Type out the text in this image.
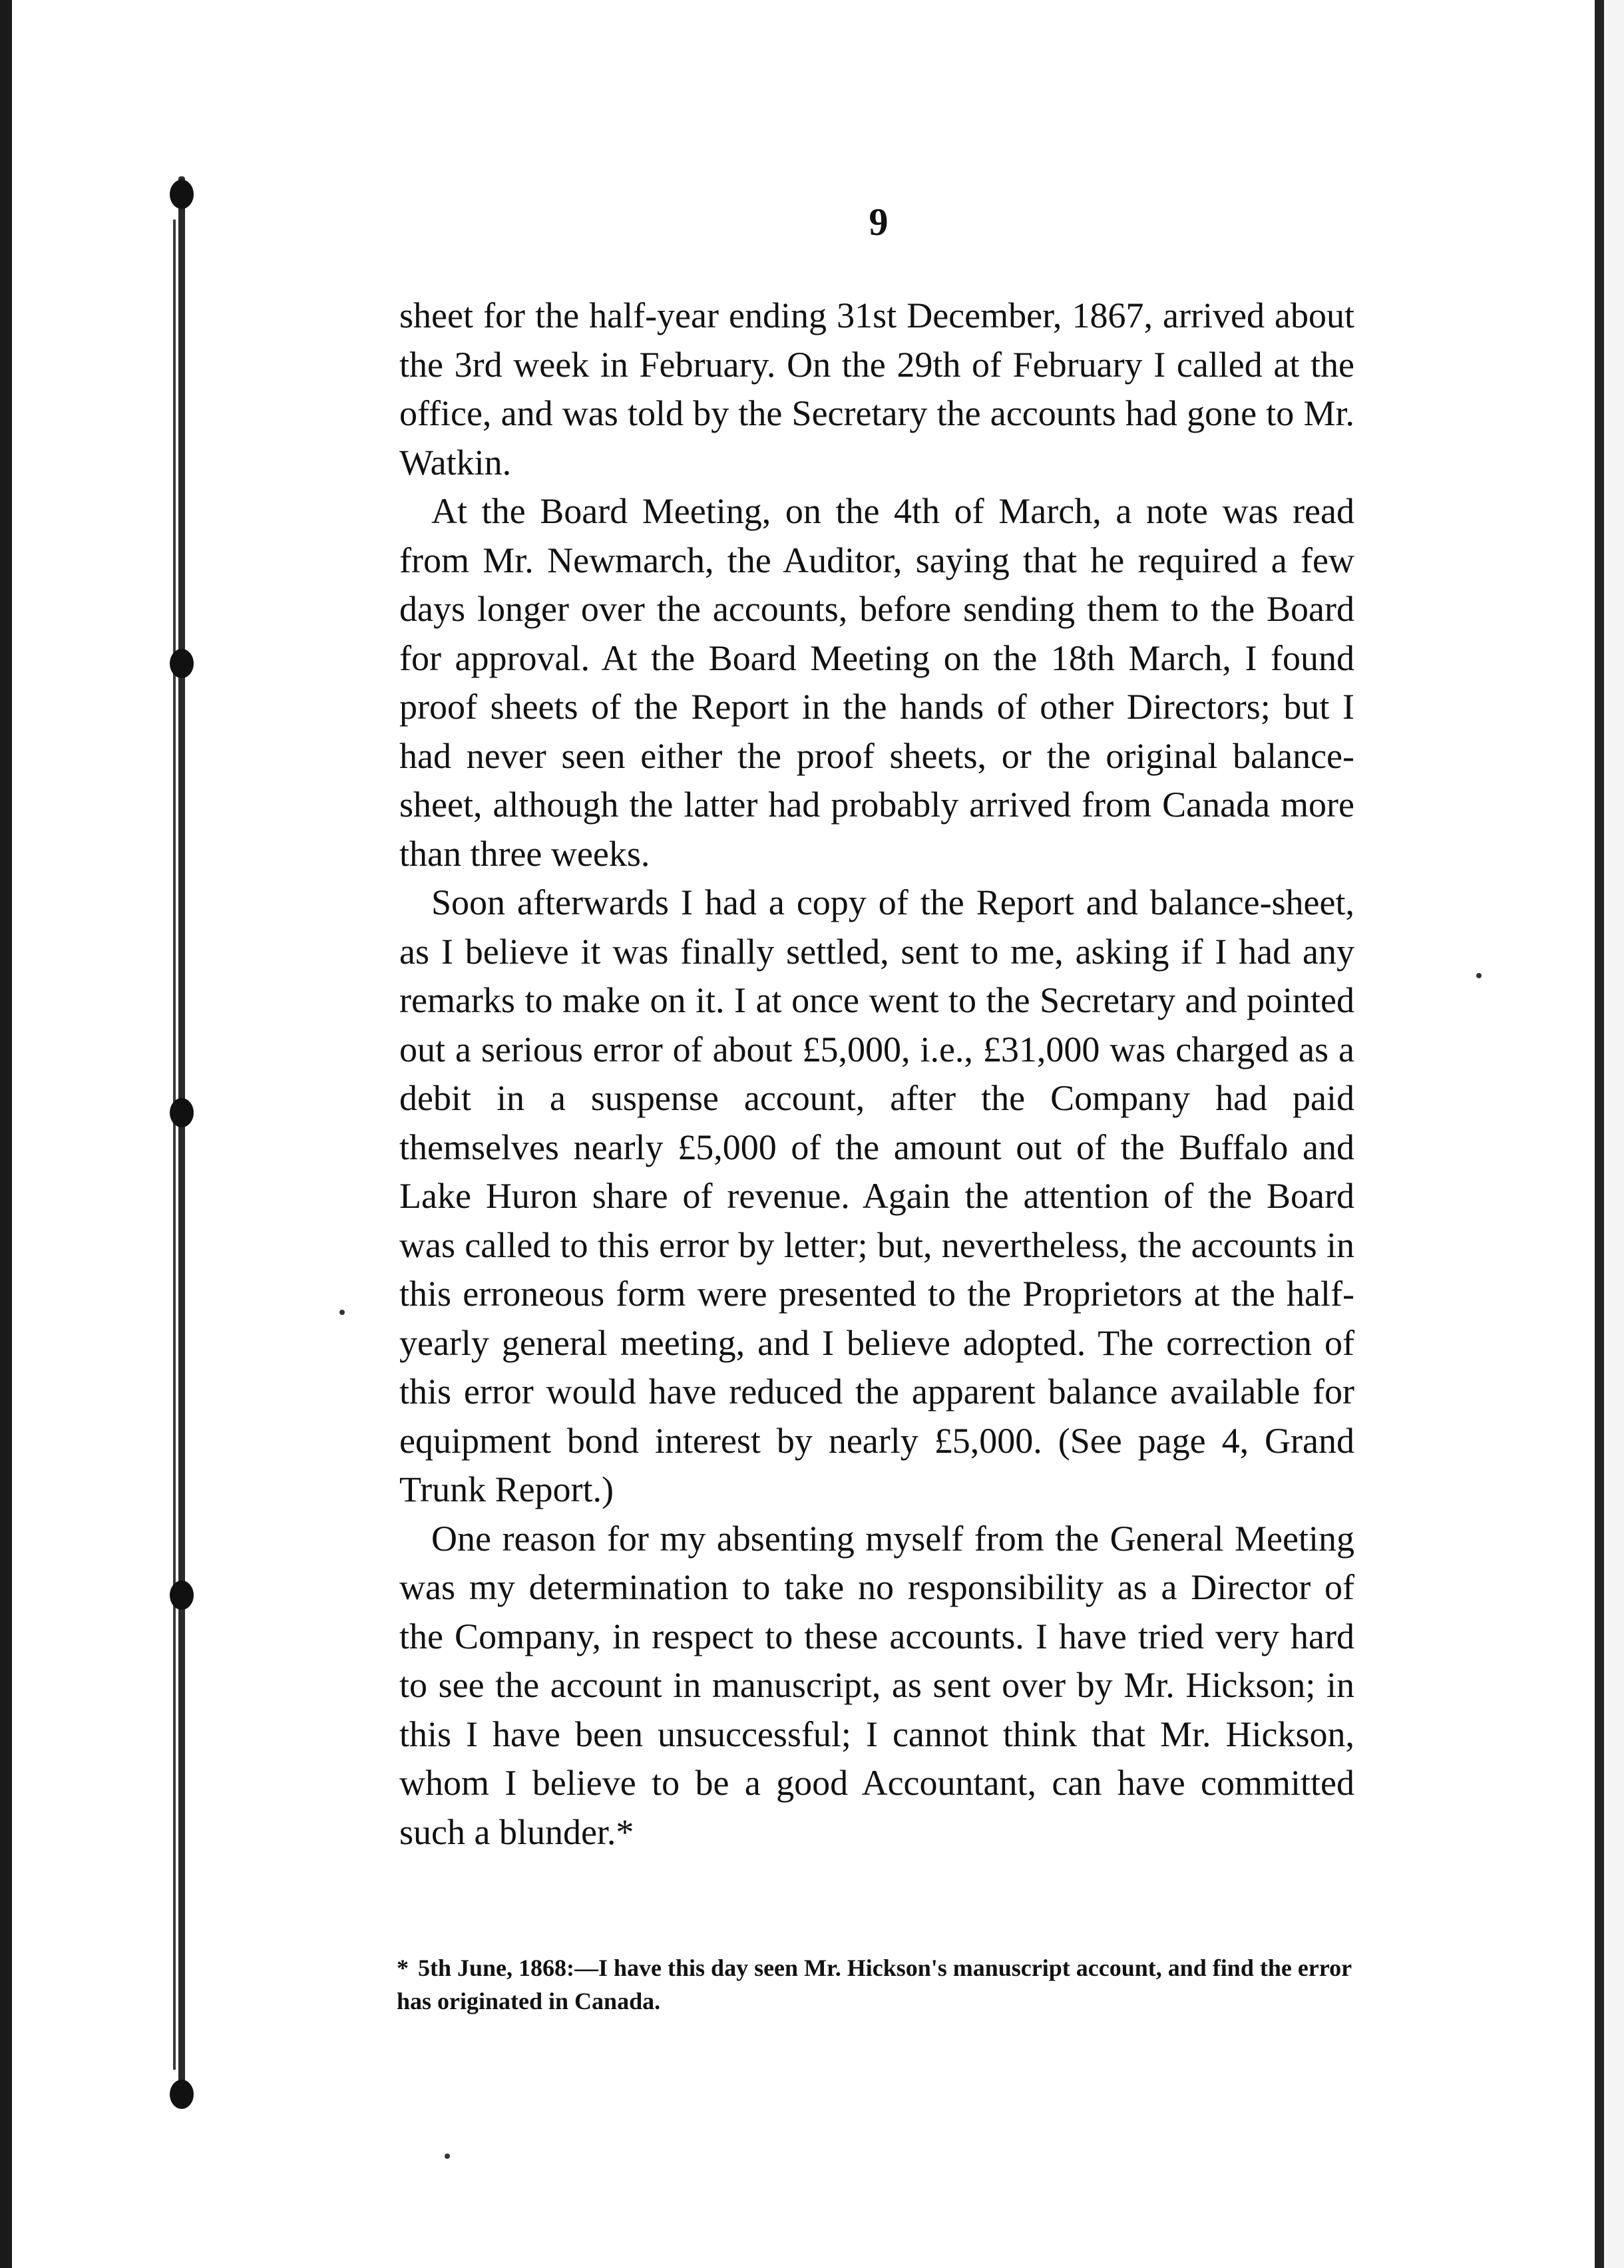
9

sheet for the half-year ending 31st December, 1867, arrived about the 3rd week in February. On the 29th of February I called at the office, and was told by the Secretary the accounts had gone to Mr. Watkin.

At the Board Meeting, on the 4th of March, a note was read from Mr. Newmarch, the Auditor, saying that he required a few days longer over the accounts, before sending them to the Board for approval. At the Board Meeting on the 18th March, I found proof sheets of the Report in the hands of other Directors; but I had never seen either the proof sheets, or the original balance-sheet, although the latter had probably arrived from Canada more than three weeks.

Soon afterwards I had a copy of the Report and balance-sheet, as I believe it was finally settled, sent to me, asking if I had any remarks to make on it. I at once went to the Secretary and pointed out a serious error of about £5,000, i.e., £31,000 was charged as a debit in a suspense account, after the Company had paid themselves nearly £5,000 of the amount out of the Buffalo and Lake Huron share of revenue. Again the attention of the Board was called to this error by letter; but, nevertheless, the accounts in this erroneous form were presented to the Proprietors at the half-yearly general meeting, and I believe adopted. The correction of this error would have reduced the apparent balance available for equipment bond interest by nearly £5,000. (See page 4, Grand Trunk Report.)

One reason for my absenting myself from the General Meeting was my determination to take no responsibility as a Director of the Company, in respect to these accounts. I have tried very hard to see the account in manuscript, as sent over by Mr. Hickson; in this I have been unsuccessful; I cannot think that Mr. Hickson, whom I believe to be a good Accountant, can have committed such a blunder.*

* 5th June, 1868:—I have this day seen Mr. Hickson's manuscript account, and find the error has originated in Canada.
